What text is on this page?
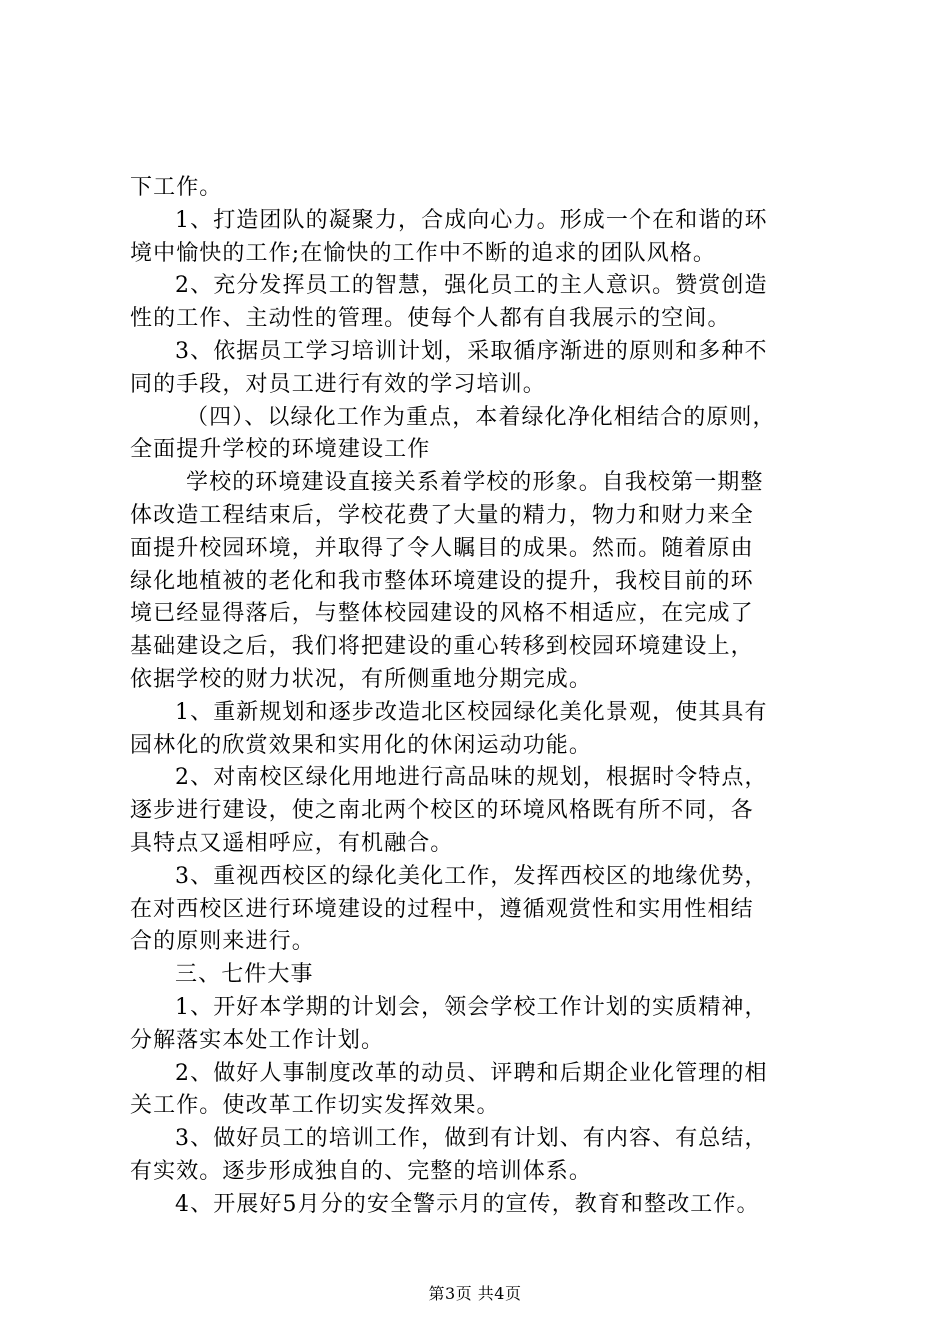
下工作。
1、打造团队的凝聚力，合成向心力。形成一个在和谐的环
境中愉快的工作;在愉快的工作中不断的追求的团队风格。
2、充分发挥员工的智慧，强化员工的主人意识。赞赏创造
性的工作、主动性的管理。使每个人都有自我展示的空间。
3、依据员工学习培训计划，采取循序渐进的原则和多种不
同的手段，对员工进行有效的学习培训。
（四）、以绿化工作为重点，本着绿化净化相结合的原则，
全面提升学校的环境建设工作
学校的环境建设直接关系着学校的形象。自我校第一期整
体改造工程结束后，学校花费了大量的精力，物力和财力来全
面提升校园环境，并取得了令人瞩目的成果。然而。随着原由
绿化地植被的老化和我市整体环境建设的提升，我校目前的环
境已经显得落后，与整体校园建设的风格不相适应，在完成了
基础建设之后，我们将把建设的重心转移到校园环境建设上，
依据学校的财力状况，有所侧重地分期完成。
1、重新规划和逐步改造北区校园绿化美化景观，使其具有
园林化的欣赏效果和实用化的休闲运动功能。
2、对南校区绿化用地进行高品味的规划，根据时令特点，
逐步进行建设，使之南北两个校区的环境风格既有所不同，各
具特点又遥相呼应，有机融合。
3、重视西校区的绿化美化工作，发挥西校区的地缘优势，
在对西校区进行环境建设的过程中，遵循观赏性和实用性相结
合的原则来进行。
三、七件大事
1、开好本学期的计划会，领会学校工作计划的实质精神，
分解落实本处工作计划。
2、做好人事制度改革的动员、评聘和后期企业化管理的相
关工作。使改革工作切实发挥效果。
3、做好员工的培训工作，做到有计划、有内容、有总结，
有实效。逐步形成独自的、完整的培训体系。
4、开展好5月分的安全警示月的宣传，教育和整改工作。
第3页 共4页
